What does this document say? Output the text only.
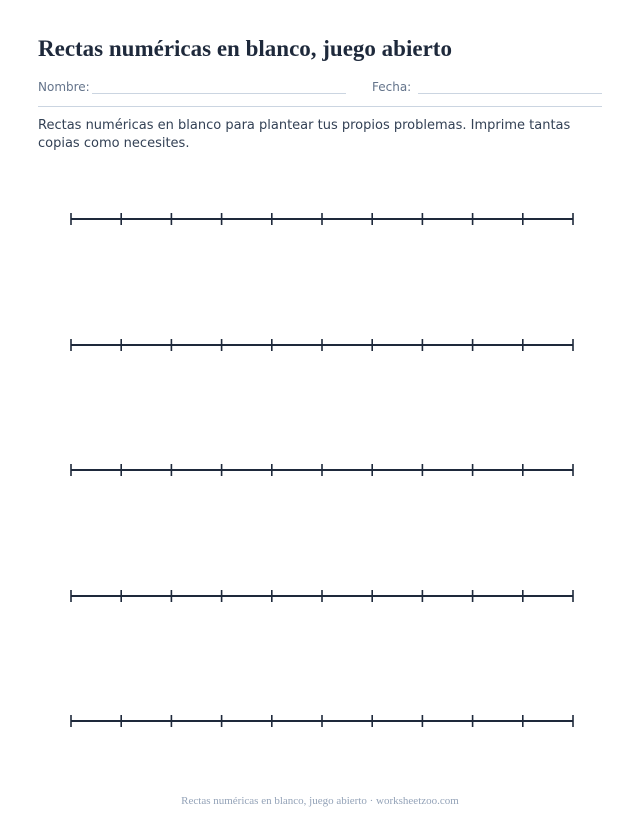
Rectas numéricas en blanco, juego abierto
Nombre:	Fecha:

Rectas numéricas en blanco para plantear tus propios problemas. Imprime tantas copias como necesites.

Rectas numéricas en blanco, juego abierto · worksheetzoo.com
